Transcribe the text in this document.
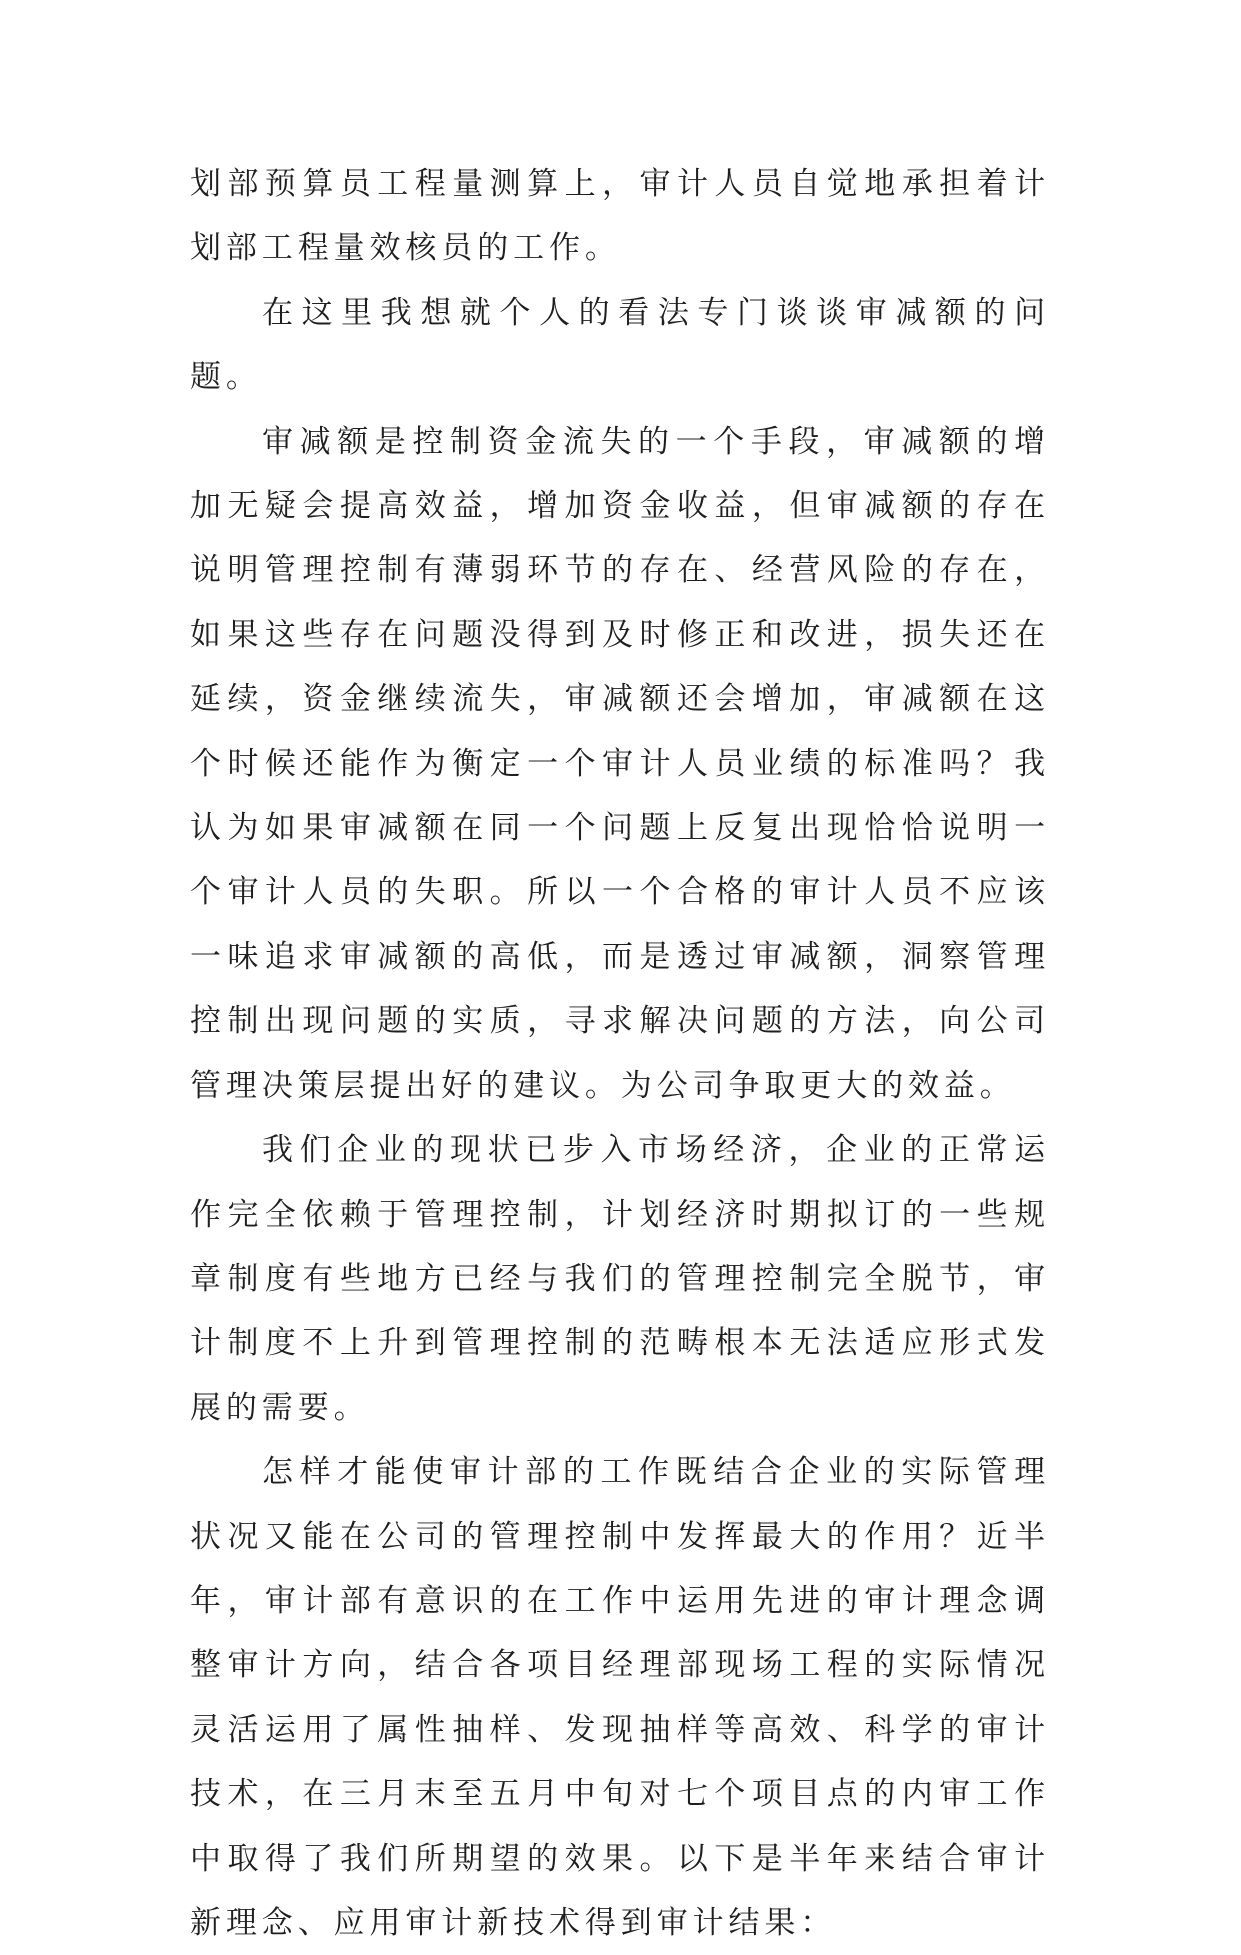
划部预算员工程量测算上，审计人员自觉地承担着计划部工程量效核员的工作。

在这里我想就个人的看法专门谈谈审减额的问题。

审减额是控制资金流失的一个手段，审减额的增加无疑会提高效益，增加资金收益，但审减额的存在说明管理控制有薄弱环节的存在、经营风险的存在，如果这些存在问题没得到及时修正和改进，损失还在延续，资金继续流失，审减额还会增加，审减额在这个时候还能作为衡定一个审计人员业绩的标准吗？我认为如果审减额在同一个问题上反复出现恰恰说明一个审计人员的失职。所以一个合格的审计人员不应该一味追求审减额的高低，而是透过审减额，洞察管理控制出现问题的实质，寻求解决问题的方法，向公司管理决策层提出好的建议。为公司争取更大的效益。

我们企业的现状已步入市场经济，企业的正常运作完全依赖于管理控制，计划经济时期拟订的一些规章制度有些地方已经与我们的管理控制完全脱节，审计制度不上升到管理控制的范畴根本无法适应形式发展的需要。

怎样才能使审计部的工作既结合企业的实际管理状况又能在公司的管理控制中发挥最大的作用？近半年，审计部有意识的在工作中运用先进的审计理念调整审计方向，结合各项目经理部现场工程的实际情况灵活运用了属性抽样、发现抽样等高效、科学的审计技术，在三月末至五月中旬对七个项目点的内审工作中取得了我们所期望的效果。以下是半年来结合审计新理念、应用审计新技术得到审计结果：
